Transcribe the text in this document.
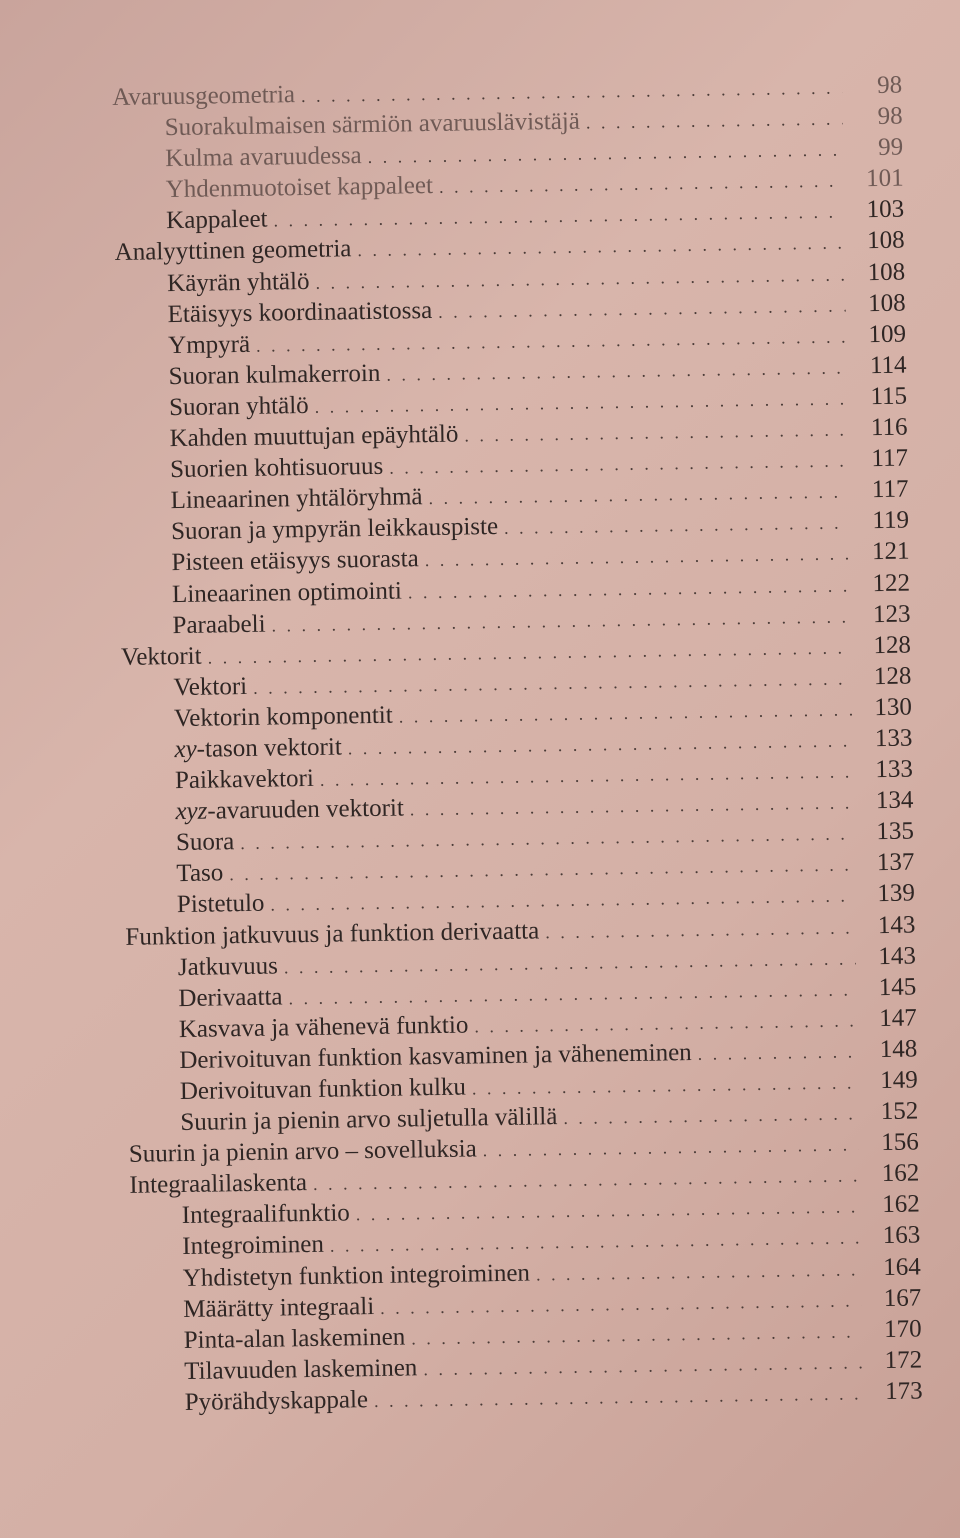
Avaruusgeometria . . .	98
Suorakulmaisen särmiön avaruuslävistäjä . . .	98
Kulma avaruudessa . . .	99
Yhdenmuotoiset kappaleet . . .	101
Kappaleet . . .	103
Analyyttinen geometria . . .	108
Käyrän yhtälö . . .	108
Etäisyys koordinaatistossa . . .	108
Ympyrä . . .	109
Suoran kulmakerroin . . .	114
Suoran yhtälö . . .	115
Kahden muuttujan epäyhtälö . . .	116
Suorien kohtisuoruus . . .	117
Lineaarinen yhtälöryhmä . . .	117
Suoran ja ympyrän leikkauspiste . . .	119
Pisteen etäisyys suorasta . . .	121
Lineaarinen optimointi . . .	122
Paraabeli . . .	123
Vektorit . . .	128
Vektori . . .	128
Vektorin komponentit . . .	130
xy-tason vektorit . . .	133
Paikkavektori . . .	133
xyz-avaruuden vektorit . . .	134
Suora . . .	135
Taso . . .	137
Pistetulo . . .	139
Funktion jatkuvuus ja funktion derivaatta . . .	143
Jatkuvuus . . .	143
Derivaatta . . .	145
Kasvava ja vähenevä funktio . . .	147
Derivoituvan funktion kasvaminen ja väheneminen . . .	148
Derivoituvan funktion kulku . . .	149
Suurin ja pienin arvo suljetulla välillä . . .	152
Suurin ja pienin arvo – sovelluksia . . .	156
Integraalilaskenta . . .	162
Integraalifunktio . . .	162
Integroiminen . . .	163
Yhdistetyn funktion integroiminen . . .	164
Määrätty integraali . . .	167
Pinta-alan laskeminen . . .	170
Tilavuuden laskeminen . . .	172
Pyörähdyskappale . . .	173
